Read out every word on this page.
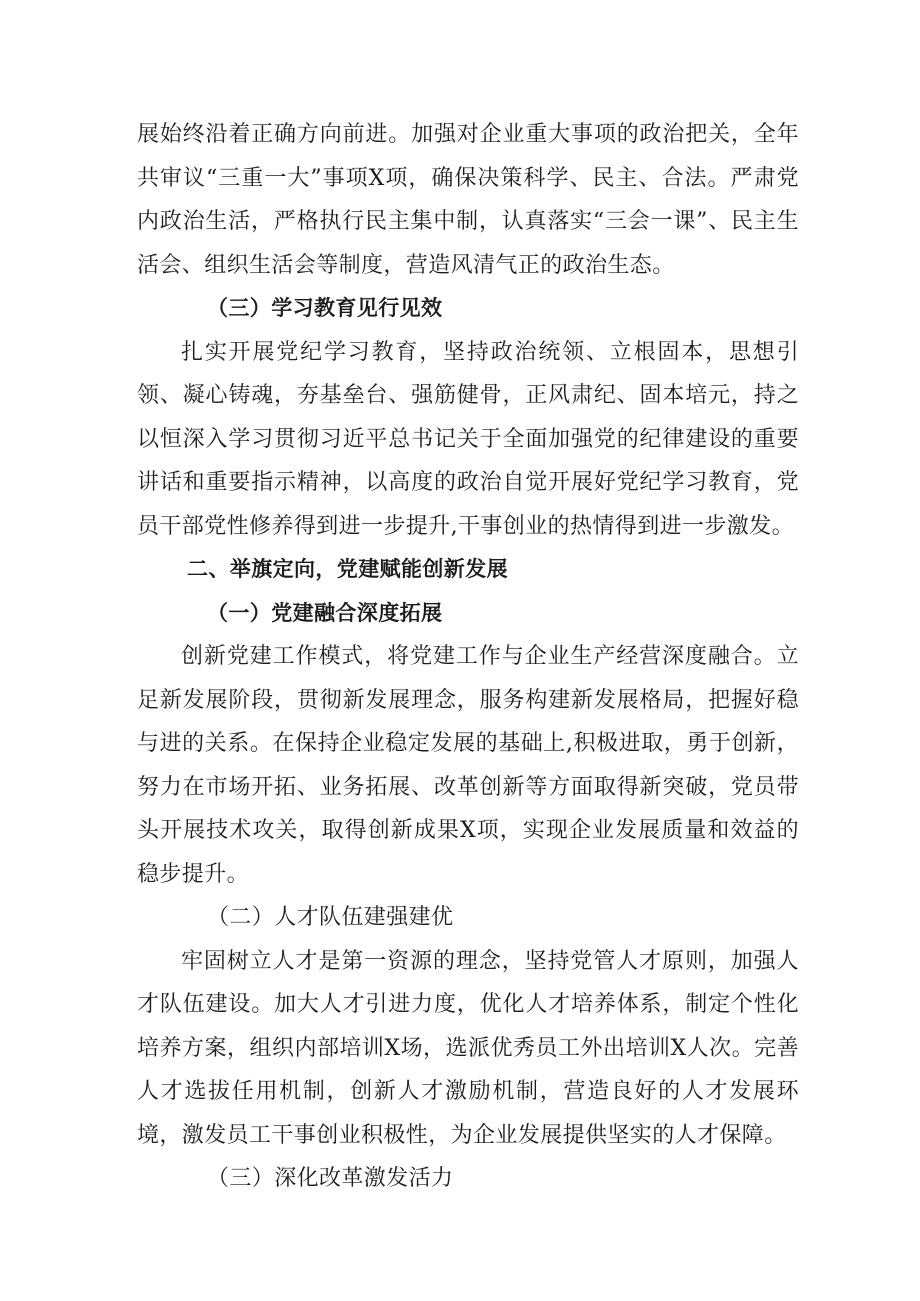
展始终沿着正确方向前进。加强对企业重大事项的政治把关，全年共审议“三重一大”事项X项，确保决策科学、民主、合法。严肃党内政治生活，严格执行民主集中制，认真落实“三会一课”、民主生活会、组织生活会等制度，营造风清气正的政治生态。

（三）学习教育见行见效

扎实开展党纪学习教育，坚持政治统领、立根固本，思想引领、凝心铸魂，夯基垒台、强筋健骨，正风肃纪、固本培元，持之以恒深入学习贯彻习近平总书记关于全面加强党的纪律建设的重要讲话和重要指示精神，以高度的政治自觉开展好党纪学习教育，党员干部党性修养得到进一步提升,干事创业的热情得到进一步激发。

二、举旗定向，党建赋能创新发展

（一）党建融合深度拓展

创新党建工作模式，将党建工作与企业生产经营深度融合。立足新发展阶段，贯彻新发展理念，服务构建新发展格局，把握好稳与进的关系。在保持企业稳定发展的基础上,积极进取，勇于创新，努力在市场开拓、业务拓展、改革创新等方面取得新突破，党员带头开展技术攻关，取得创新成果X项，实现企业发展质量和效益的稳步提升。

（二）人才队伍建强建优

牢固树立人才是第一资源的理念，坚持党管人才原则，加强人才队伍建设。加大人才引进力度，优化人才培养体系，制定个性化培养方案，组织内部培训X场，选派优秀员工外出培训X人次。完善人才选拔任用机制，创新人才激励机制，营造良好的人才发展环境，激发员工干事创业积极性，为企业发展提供坚实的人才保障。

（三）深化改革激发活力
